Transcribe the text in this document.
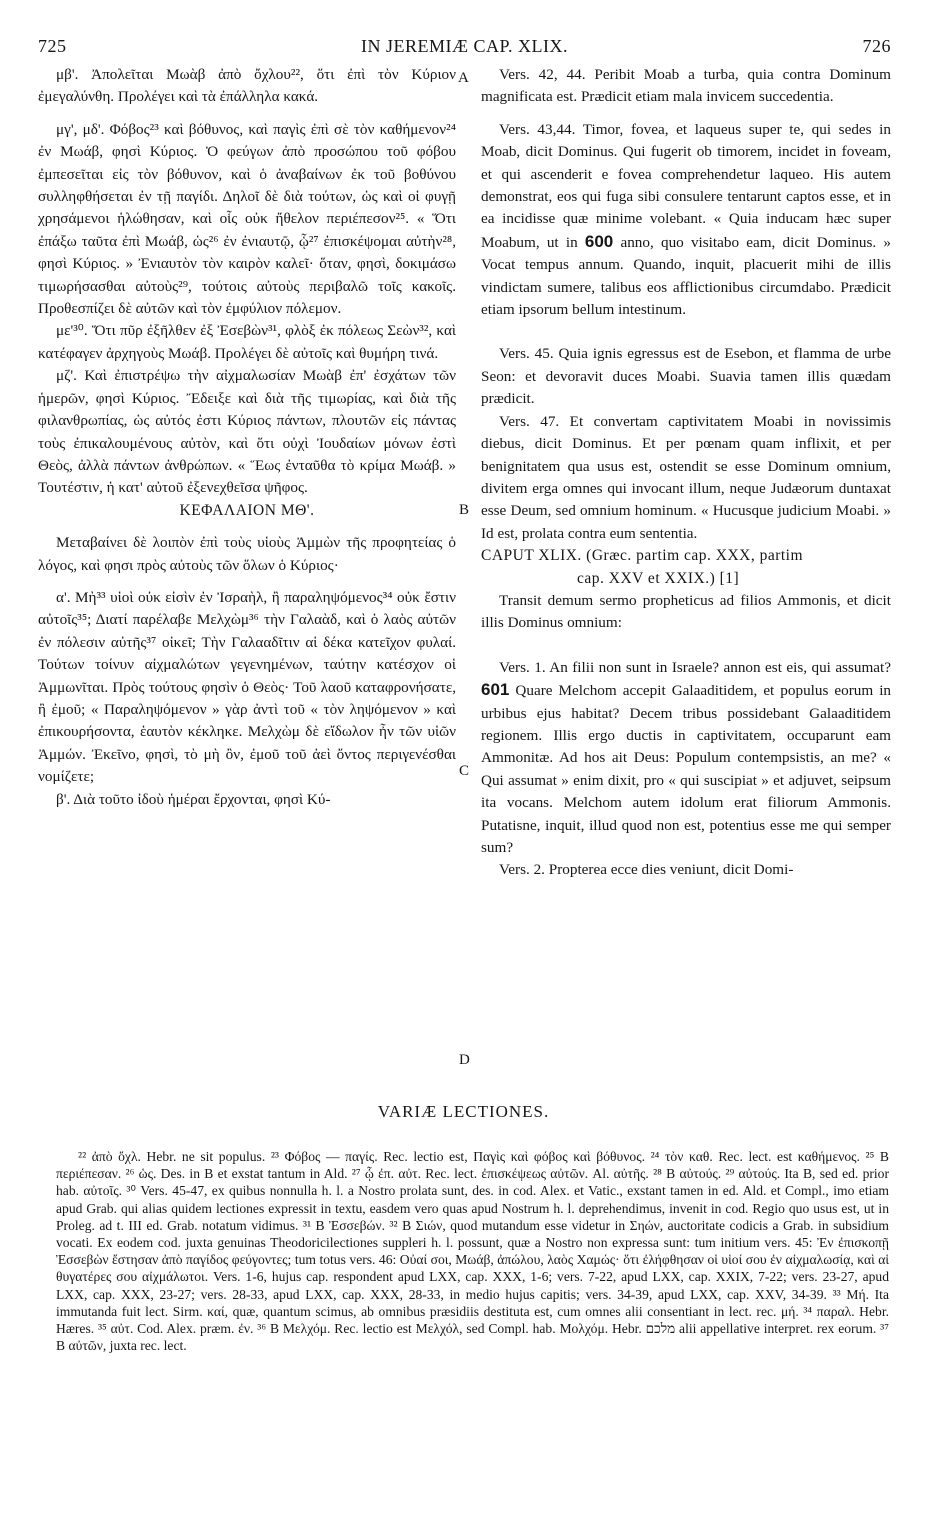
725	IN JEREMIÆ CAP. XLIX.	726

μβ'. Ἀπολεῖται Μωὰβ ἀπὸ ὄχλου²², ὅτι ἐπὶ τὸν Κύριον ἐμεγαλύνθη. Προλέγει καὶ τὰ ἐπάλληλα κακά.

μγ', μδ'. Φόβος²³ καὶ βόθυνος, καὶ παγὶς ἐπὶ σὲ τὸν καθήμενον²⁴ ἐν Μωάβ, φησὶ Κύριος. Ὁ φεύγων ἀπὸ προσώπου τοῦ φόβου ἐμπεσεῖται εἰς τὸν βόθυνον, καὶ ὁ ἀναβαίνων ἐκ τοῦ βοθύνου συλληφθήσεται ἐν τῇ παγίδι. Δηλοῖ δὲ διὰ τούτων, ὡς καὶ οἱ φυγῇ χρησάμενοι ἡλώθησαν, καὶ οἷς οὐκ ἤθελον περιέπεσον²⁵. « Ὅτι ἐπάξω ταῦτα ἐπὶ Μωάβ, ὡς²⁶ ἐν ἐνιαυτῷ, ᾧ²⁷ ἐπισκέψομαι αὐτὴν²⁸, φησὶ Κύριος. » Ἐνιαυτὸν τὸν καιρὸν καλεῖ· ὅταν, φησὶ, δοκιμάσω τιμωρήσασθαι αὐτοὺς²⁹, τούτοις αὐτοὺς περιβαλῶ τοῖς κακοῖς. Προθεσπίζει δὲ αὐτῶν καὶ τὸν ἐμφύλιον πόλεμον.

με'³⁰. Ὅτι πῦρ ἐξῆλθεν ἐξ Ἐσεβὼν³¹, φλὸξ ἐκ πόλεως Σεὼν³², καὶ κατέφαγεν ἀρχηγοὺς Μωάβ. Προλέγει δὲ αὐτοῖς καὶ θυμήρη τινά.

μζ'. Καὶ ἐπιστρέψω τὴν αἰχμαλωσίαν Μωὰβ ἐπ' ἐσχάτων τῶν ἡμερῶν, φησὶ Κύριος. Ἔδειξε καὶ διὰ τῆς τιμωρίας, καὶ διὰ τῆς φιλανθρωπίας, ὡς αὐτός ἐστι Κύριος πάντων, πλουτῶν εἰς πάντας τοὺς ἐπικαλουμένους αὐτὸν, καὶ ὅτι οὐχὶ Ἰουδαίων μόνων ἐστὶ Θεὸς, ἀλλὰ πάντων ἀνθρώπων. « Ἕως ἐνταῦθα τὸ κρίμα Μωάβ. » Τουτέστιν, ἡ κατ' αὐτοῦ ἐξενεχθεῖσα ψῆφος.

ΚΕΦΑΛΑΙΟΝ ΜΘ'.

Μεταβαίνει δὲ λοιπὸν ἐπὶ τοὺς υἱοὺς Ἀμμὼν τῆς προφητείας ὁ λόγος, καὶ φησι πρὸς αὐτοὺς τῶν ὅλων ὁ Κύριος·

α'. Μὴ³³ υἱοὶ οὐκ εἰσὶν ἐν Ἰσραὴλ, ἢ παραληψόμενος³⁴ οὐκ ἔστιν αὐτοῖς³⁵; Διατί παρέλαβε Μελχὼμ³⁶ τὴν Γαλαὰδ, καὶ ὁ λαὸς αὐτῶν ἐν πόλεσιν αὐτῆς³⁷ οἰκεῖ; Τὴν Γαλααδῖτιν αἱ δέκα κατεῖχον φυλαί. Τούτων τοίνυν αἰχμαλώτων γεγενημένων, ταύτην κατέσχον οἱ Ἀμμωνῖται. Πρὸς τούτους φησὶν ὁ Θεὸς· Τοῦ λαοῦ καταφρονήσατε, ἢ ἐμοῦ; « Παραληψόμενον » γὰρ ἀντὶ τοῦ « τὸν ληψόμενον » καὶ ἐπικουρήσοντα, ἑαυτὸν κέκληκε. Μελχὼμ δὲ εἴδωλον ἦν τῶν υἱῶν Ἀμμών. Ἐκεῖνο, φησὶ, τὸ μὴ ὂν, ἐμοῦ τοῦ ἀεὶ ὄντος περιγενέσθαι νομίζετε;

β'. Διὰ τοῦτο ἰδοὺ ἡμέραι ἔρχονται, φησὶ Κύ-

A
B
C
D

Vers. 42, 44. Peribit Moab a turba, quia contra Dominum magnificata est. Prædicit etiam mala invicem succedentia.

Vers. 43,44. Timor, fovea, et laqueus super te, qui sedes in Moab, dicit Dominus. Qui fugerit ob timorem, incidet in foveam, et qui ascenderit e fovea comprehendetur laqueo. His autem demonstrat, eos qui fuga sibi consulere tentarunt captos esse, et in ea incidisse quæ minime volebant. « Quia inducam hæc super Moabum, ut in 600 anno, quo visitabo eam, dicit Dominus. » Vocat tempus annum. Quando, inquit, placuerit mihi de illis vindictam sumere, talibus eos afflictionibus circumdabo. Prædicit etiam ipsorum bellum intestinum.

Vers. 45. Quia ignis egressus est de Esebon, et flamma de urbe Seon: et devoravit duces Moabi. Suavia tamen illis quædam prædicit.

Vers. 47. Et convertam captivitatem Moabi in novissimis diebus, dicit Dominus. Et per pœnam quam inflixit, et per benignitatem qua usus est, ostendit se esse Dominum omnium, divitem erga omnes qui invocant illum, neque Judæorum duntaxat esse Deum, sed omnium hominum. « Hucusque judicium Moabi. » Id est, prolata contra eum sententia.

CAPUT XLIX. (Græc. partim cap. XXX, partim
cap. XXV et XXIX.) [1]

Transit demum sermo propheticus ad filios Ammonis, et dicit illis Dominus omnium:

Vers. 1. An filii non sunt in Israele? annon est eis, qui assumat? 601 Quare Melchom accepit Galaaditidem, et populus eorum in urbibus ejus habitat? Decem tribus possidebant Galaaditidem regionem. Illis ergo ductis in captivitatem, occuparunt eam Ammonitæ. Ad hos ait Deus: Populum contempsistis, an me? « Qui assumat » enim dixit, pro « qui suscipiat » et adjuvet, seipsum ita vocans. Melchom autem idolum erat filiorum Ammonis. Putatisne, inquit, illud quod non est, potentius esse me qui semper sum?

Vers. 2. Propterea ecce dies veniunt, dicit Domi-

VARIÆ LECTIONES.
²² ἀπὸ ὄχλ. Hebr. ne sit populus. ²³ Φόβος — παγίς. Rec. lectio est, Παγὶς καὶ φόβος καὶ βόθυνος. ²⁴ τὸν καθ. Rec. lect. est καθήμενος. ²⁵ B περιέπεσαν. ²⁶ ὡς. Des. in B et exstat tantum in Ald. ²⁷ ᾧ ἐπ. αὐτ. Rec. lect. ἐπισκέψεως αὐτῶν. Al. αὐτῆς. ²⁸ B αὐτούς. ²⁹ αὐτούς. Ita B, sed ed. prior hab. αὐτοῖς. ³⁰ Vers. 45-47, ex quibus nonnulla h. l. a Nostro prolata sunt, des. in cod. Alex. et Vatic., exstant tamen in ed. Ald. et Compl., imo etiam apud Grab. qui alias quidem lectiones expressit in textu, easdem vero quas apud Nostrum h. l. deprehendimus, invenit in cod. Regio quo usus est, ut in Proleg. ad t. III ed. Grab. notatum vidimus. ³¹ B Ἐσσεβών. ³² B Σιών, quod mutandum esse videtur in Σηών, auctoritate codicis a Grab. in subsidium vocati. Ex eodem cod. juxta genuinas Theodoricilectiones suppleri h. l. possunt, quæ a Nostro non expressa sunt: tum initium vers. 45: Ἐν ἐπισκοπῇ Ἐσσεβὼν ἔστησαν ἀπὸ παγίδος φεύγοντες; tum totus vers. 46: Οὐαί σοι, Μωάβ, ἀπώλου, λαὸς Χαμώς· ὅτι ἐλήφθησαν οἱ υἱοί σου ἐν αἰχμαλωσίᾳ, καὶ αἱ θυγατέρες σου αἰχμάλωτοι. Vers. 1-6, hujus cap. respondent apud LXX, cap. XXX, 1-6; vers. 7-22, apud LXX, cap. XXIX, 7-22; vers. 23-27, apud LXX, cap. XXX, 23-27; vers. 28-33, apud LXX, cap. XXX, 28-33, in medio hujus capitis; vers. 34-39, apud LXX, cap. XXV, 34-39. ³³ Μή. Ita immutanda fuit lect. Sirm. καί, quæ, quantum scimus, ab omnibus præsidiis destituta est, cum omnes alii consentiant in lect. rec. μή. ³⁴ παραλ. Hebr. Hæres. ³⁵ αὐτ. Cod. Alex. præm. ἐν. ³⁶ B Μελχόμ. Rec. lectio est Μελχόλ, sed Compl. hab. Μολχόμ. Hebr. מלכם alii appellative interpret. rex eorum. ³⁷ B αὐτῶν, juxta rec. lect.
